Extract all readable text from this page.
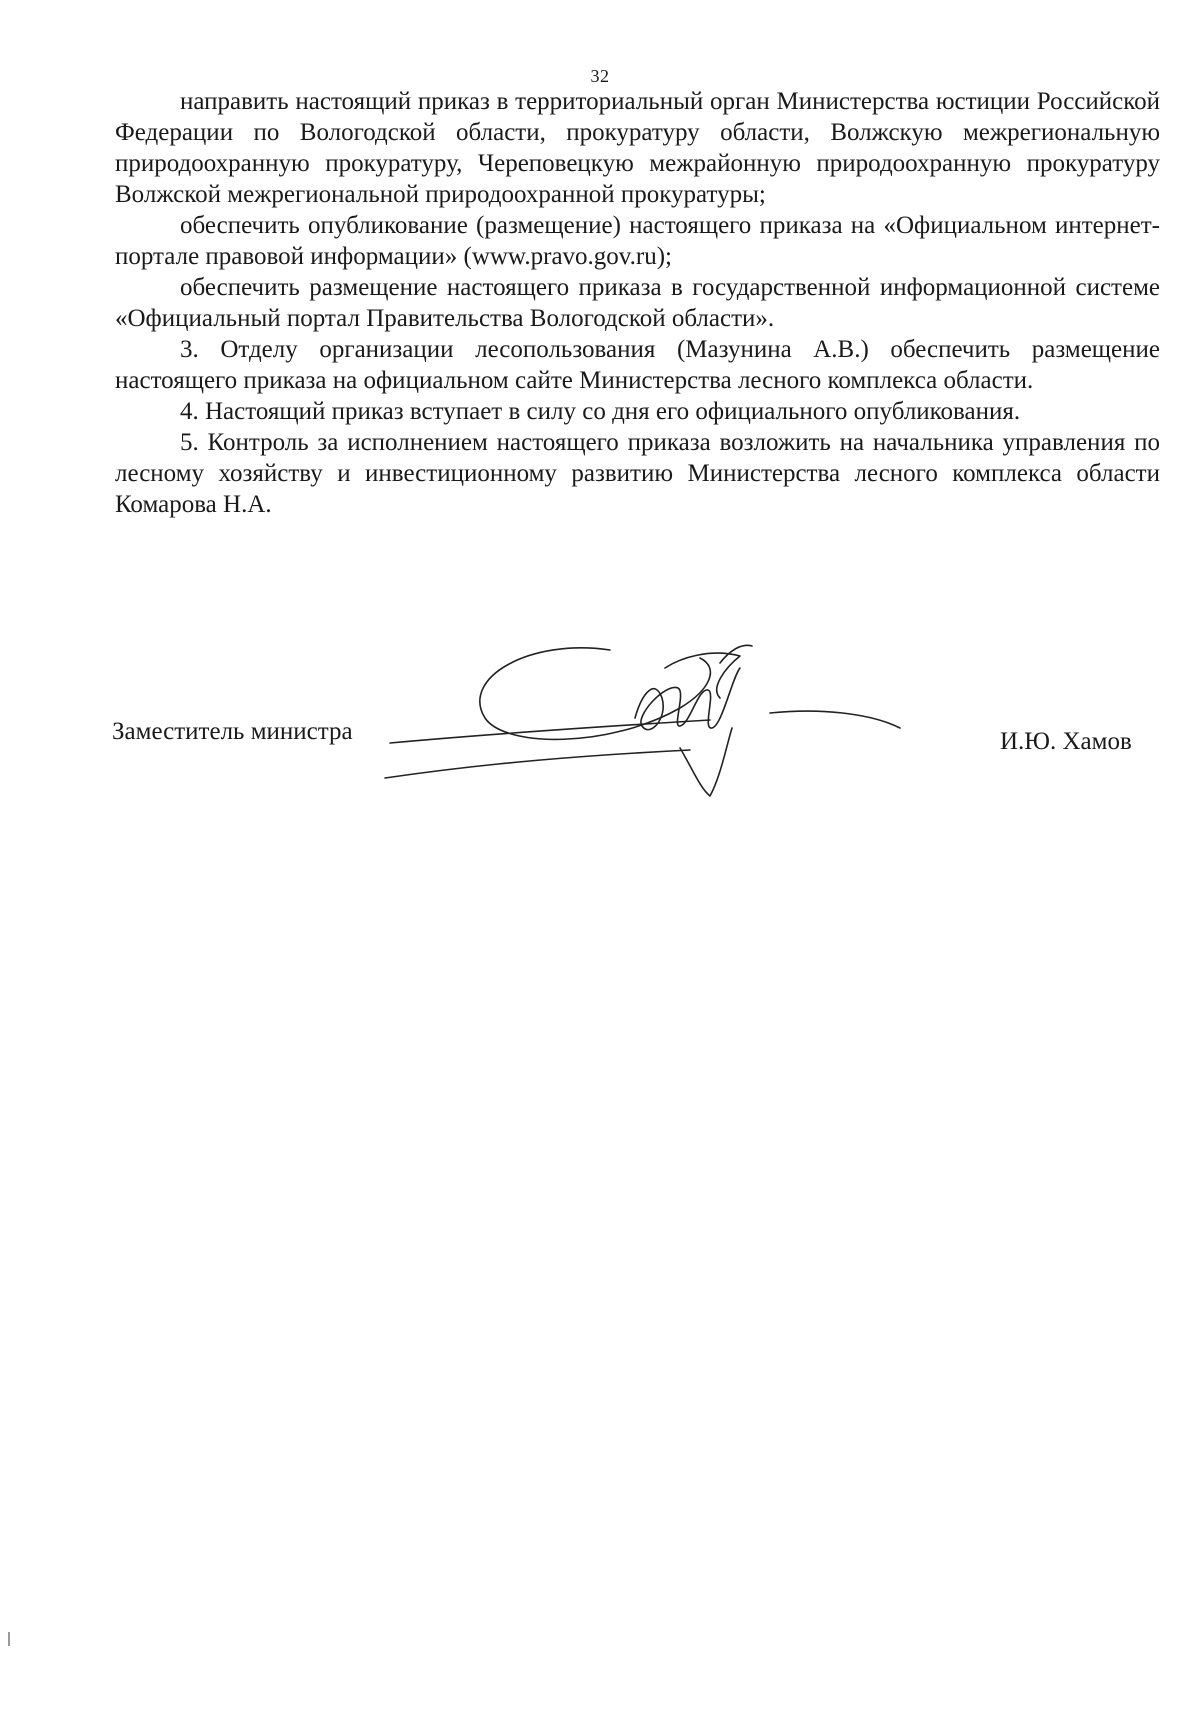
32

направить настоящий приказ в территориальный орган Министерства юстиции Российской Федерации по Вологодской области, прокуратуру области, Волжскую межрегиональную природоохранную прокуратуру, Череповецкую межрайонную природоохранную прокуратуру Волжской межрегиональной природоохранной прокуратуры;

обеспечить опубликование (размещение) настоящего приказа на «Официальном интернет-портале правовой информации» (www.pravo.gov.ru);

обеспечить размещение настоящего приказа в государственной информационной системе «Официальный портал Правительства Вологодской области».

3. Отделу организации лесопользования (Мазунина А.В.) обеспечить размещение настоящего приказа на официальном сайте Министерства лесного комплекса области.

4. Настоящий приказ вступает в силу со дня его официального опубликования.

5. Контроль за исполнением настоящего приказа возложить на начальника управления по лесному хозяйству и инвестиционному развитию Министерства лесного комплекса области Комарова Н.А.

Заместитель министра	И.Ю. Хамов
